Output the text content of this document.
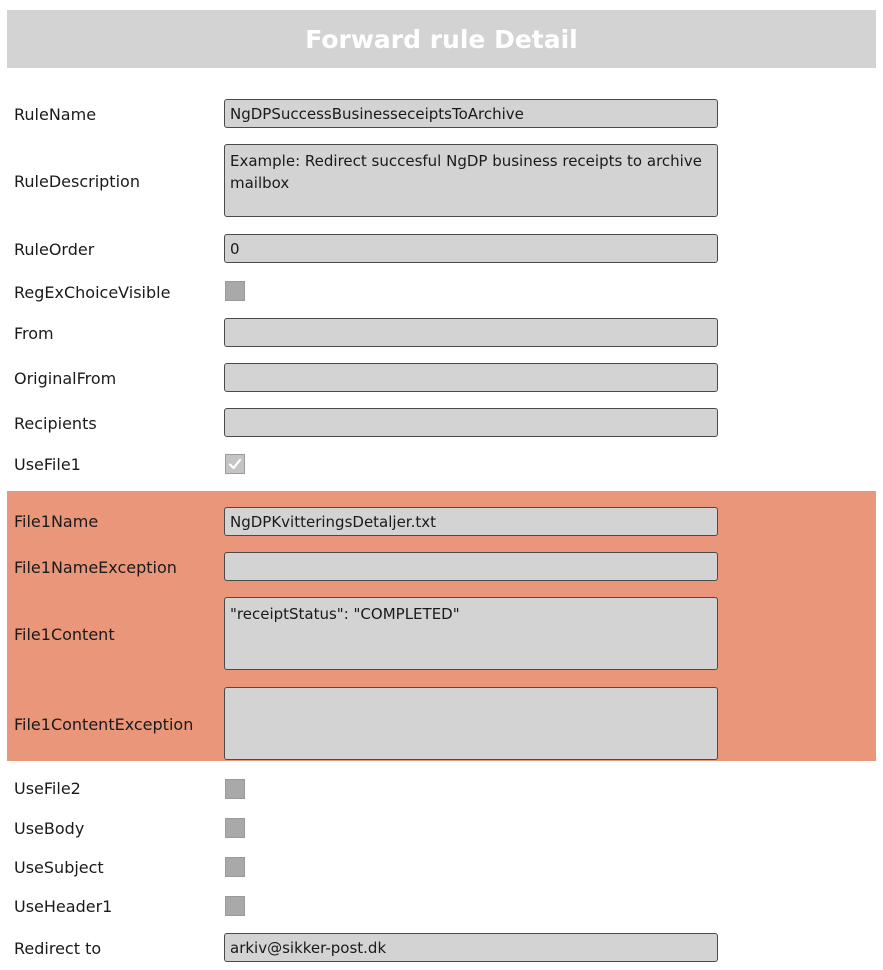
Forward rule Detail
RuleName
NgDPSuccessBusinesseceiptsToArchive
RuleDescription
Example: Redirect succesful NgDP business receipts to archive mailbox
RuleOrder
0
RegExChoiceVisible
From
OriginalFrom
Recipients
UseFile1
File1Name
NgDPKvitteringsDetaljer.txt
File1NameException
File1Content
"receiptStatus": "COMPLETED"
File1ContentException
UseFile2
UseBody
UseSubject
UseHeader1
Redirect to
arkiv@sikker-post.dk
